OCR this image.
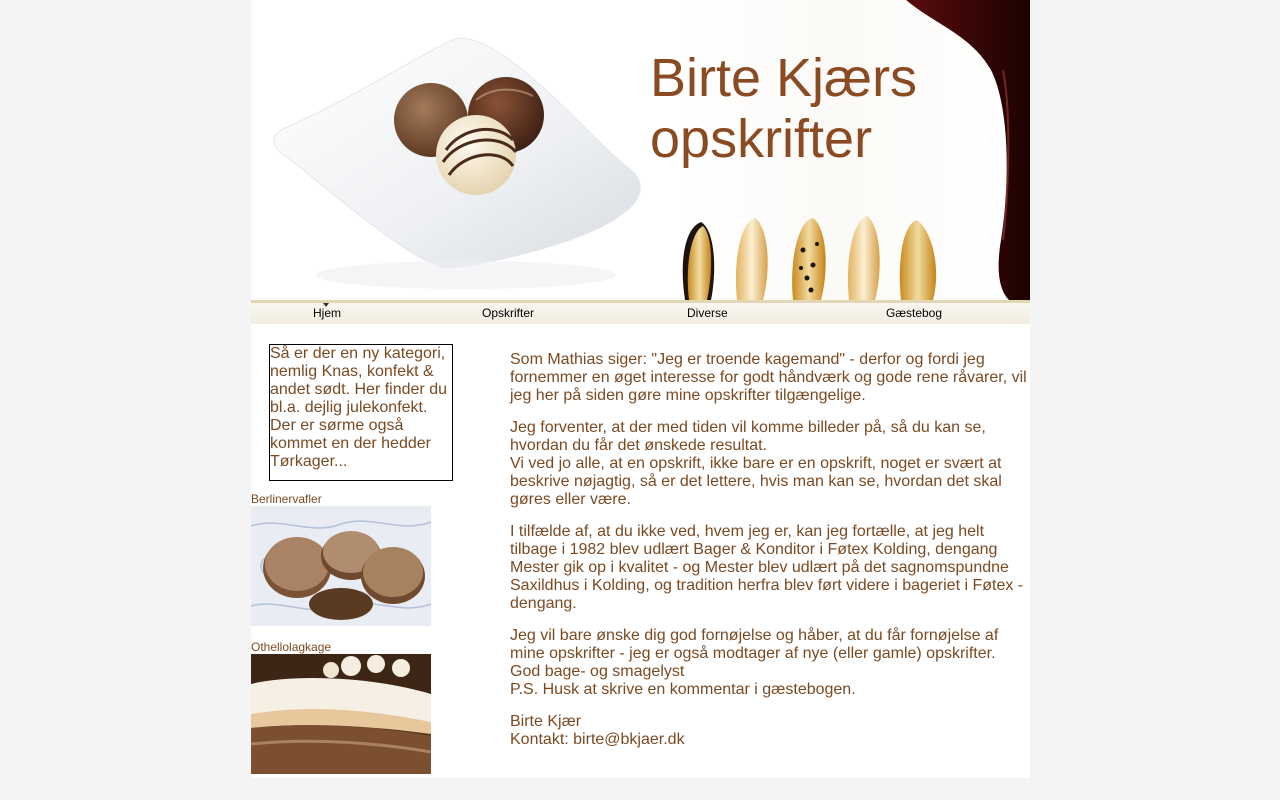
Birte Kjærs
opskrifter
Hjem	Opskrifter	Diverse	Gæstebog
Så er der en ny kategori, nemlig Knas, konfekt & andet sødt. Her finder du bl.a. dejlig julekonfekt. Der er sørme også kommet en der hedder Tørkager...
Berlinervafler
Othellolagkage

Som Mathias siger: "Jeg er troende kagemand" - derfor og fordi jeg fornemmer en øget interesse for godt håndværk og gode rene råvarer, vil jeg her på siden gøre mine opskrifter tilgængelige.

Jeg forventer, at der med tiden vil komme billeder på, så du kan se, hvordan du får det ønskede resultat.
Vi ved jo alle, at en opskrift, ikke bare er en opskrift, noget er svært at beskrive nøjagtig, så er det lettere, hvis man kan se, hvordan det skal gøres eller være.

I tilfælde af, at du ikke ved, hvem jeg er, kan jeg fortælle, at jeg helt tilbage i 1982 blev udlært Bager & Konditor i Føtex Kolding, dengang Mester gik op i kvalitet - og Mester blev udlært på det sagnomspundne Saxildhus i Kolding, og tradition herfra blev ført videre i bageriet i Føtex - dengang.

Jeg vil bare ønske dig god fornøjelse og håber, at du får fornøjelse af mine opskrifter - jeg er også modtager af nye (eller gamle) opskrifter.
God bage- og smagelyst
P.S. Husk at skrive en kommentar i gæstebogen.

Birte Kjær
Kontakt: birte@bkjaer.dk
